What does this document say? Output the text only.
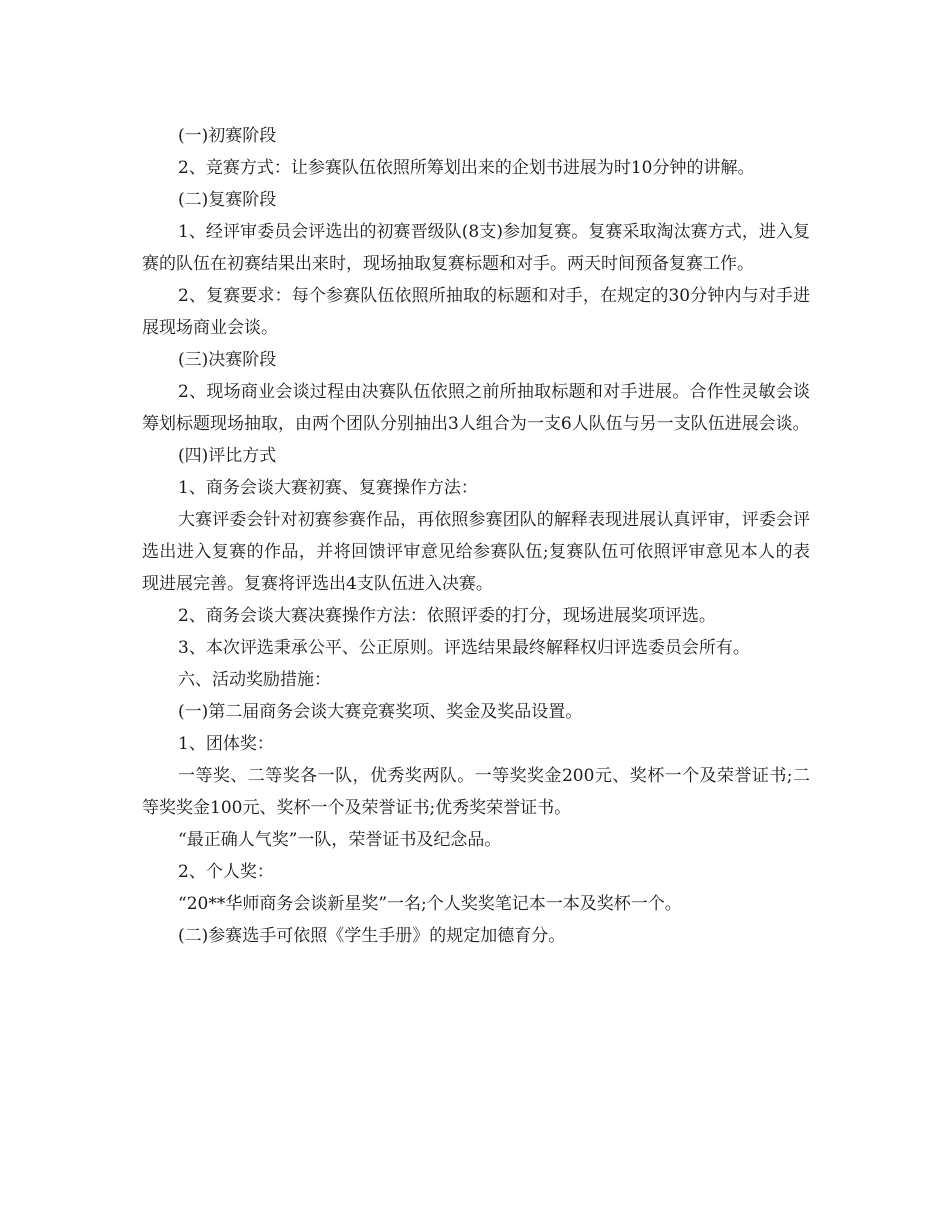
(一)初赛阶段

2、竞赛方式：让参赛队伍依照所筹划出来的企划书进展为时10分钟的讲解。

(二)复赛阶段

1、经评审委员会评选出的初赛晋级队(8支)参加复赛。复赛采取淘汰赛方式，进入复赛的队伍在初赛结果出来时，现场抽取复赛标题和对手。两天时间预备复赛工作。

2、复赛要求：每个参赛队伍依照所抽取的标题和对手，在规定的30分钟内与对手进展现场商业会谈。

(三)决赛阶段

2、现场商业会谈过程由决赛队伍依照之前所抽取标题和对手进展。合作性灵敏会谈筹划标题现场抽取，由两个团队分别抽出3人组合为一支6人队伍与另一支队伍进展会谈。

(四)评比方式

1、商务会谈大赛初赛、复赛操作方法：

大赛评委会针对初赛参赛作品，再依照参赛团队的解释表现进展认真评审，评委会评选出进入复赛的作品，并将回馈评审意见给参赛队伍;复赛队伍可依照评审意见本人的表现进展完善。复赛将评选出4支队伍进入决赛。

2、商务会谈大赛决赛操作方法：依照评委的打分，现场进展奖项评选。

3、本次评选秉承公平、公正原则。评选结果最终解释权归评选委员会所有。

六、活动奖励措施：

(一)第二届商务会谈大赛竞赛奖项、奖金及奖品设置。

1、团体奖：

一等奖、二等奖各一队，优秀奖两队。一等奖奖金200元、奖杯一个及荣誉证书;二等奖奖金100元、奖杯一个及荣誉证书;优秀奖荣誉证书。

“最正确人气奖”一队，荣誉证书及纪念品。

2、个人奖：

“20**华师商务会谈新星奖”一名;个人奖奖笔记本一本及奖杯一个。

(二)参赛选手可依照《学生手册》的规定加德育分。
